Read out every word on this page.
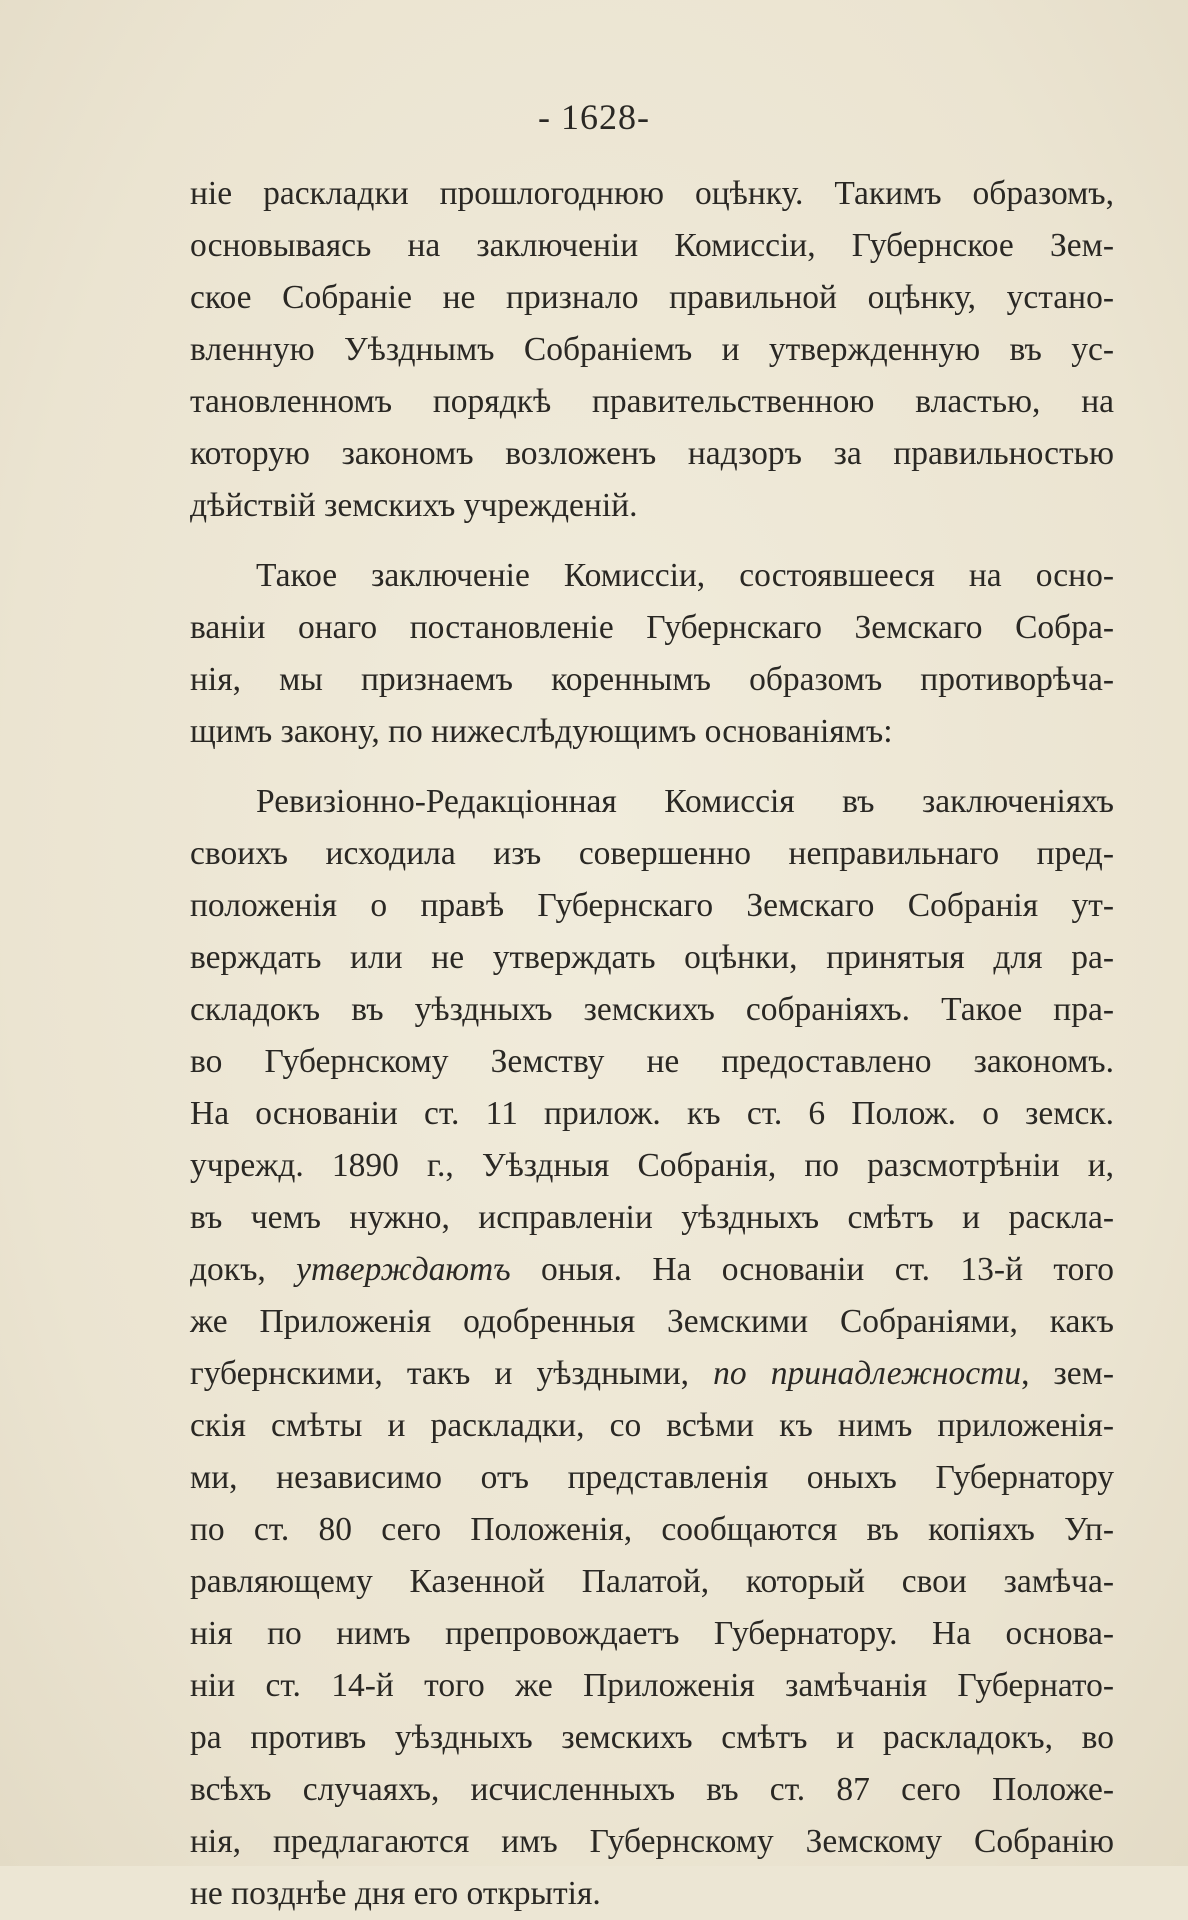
- 1628-
ніе раскладки прошлогоднюю оцѣнку. Такимъ образомъ,
основываясь на заключеніи Комиссіи, Губернское Зем-
ское Собраніе не признало правильной оцѣнку, устано-
вленную Уѣзднымъ Собраніемъ и утвержденную въ ус-
тановленномъ порядкѣ правительственною властью, на
которую закономъ возложенъ надзоръ за правильностью
дѣйствій земскихъ учрежденій.
Такое заключеніе Комиссіи, состоявшееся на осно-
ваніи онаго постановленіе Губернскаго Земскаго Собра-
нія, мы признаемъ кореннымъ образомъ противорѣча-
щимъ закону, по нижеслѣдующимъ основаніямъ:
Ревизіонно-Редакціонная Комиссія въ заключеніяхъ
своихъ исходила изъ совершенно неправильнаго пред-
положенія о правѣ Губернскаго Земскаго Собранія ут-
верждать или не утверждать оцѣнки, принятыя для ра-
складокъ въ уѣздныхъ земскихъ собраніяхъ. Такое пра-
во Губернскому Земству не предоставлено закономъ.
На основаніи ст. 11 прилож. къ ст. 6 Полож. о земск.
учрежд. 1890 г., Уѣздныя Собранія, по разсмотрѣніи и,
въ чемъ нужно, исправленіи уѣздныхъ смѣтъ и раскла-
докъ, утверждаютъ оныя. На основаніи ст. 13-й того
же Приложенія одобренныя Земскими Собраніями, какъ
губернскими, такъ и уѣздными, по принадлежности, зем-
скія смѣты и раскладки, со всѣми къ нимъ приложенія-
ми, независимо отъ представленія оныхъ Губернатору
по ст. 80 сего Положенія, сообщаются въ копіяхъ Уп-
равляющему Казенной Палатой, который свои замѣча-
нія по нимъ препровождаетъ Губернатору. На основа-
ніи ст. 14-й того же Приложенія замѣчанія Губернато-
ра противъ уѣздныхъ земскихъ смѣтъ и раскладокъ, во
всѣхъ случаяхъ, исчисленныхъ въ ст. 87 сего Положе-
нія, предлагаются имъ Губернскому Земскому Собранію
не позднѣе дня его открытія.
